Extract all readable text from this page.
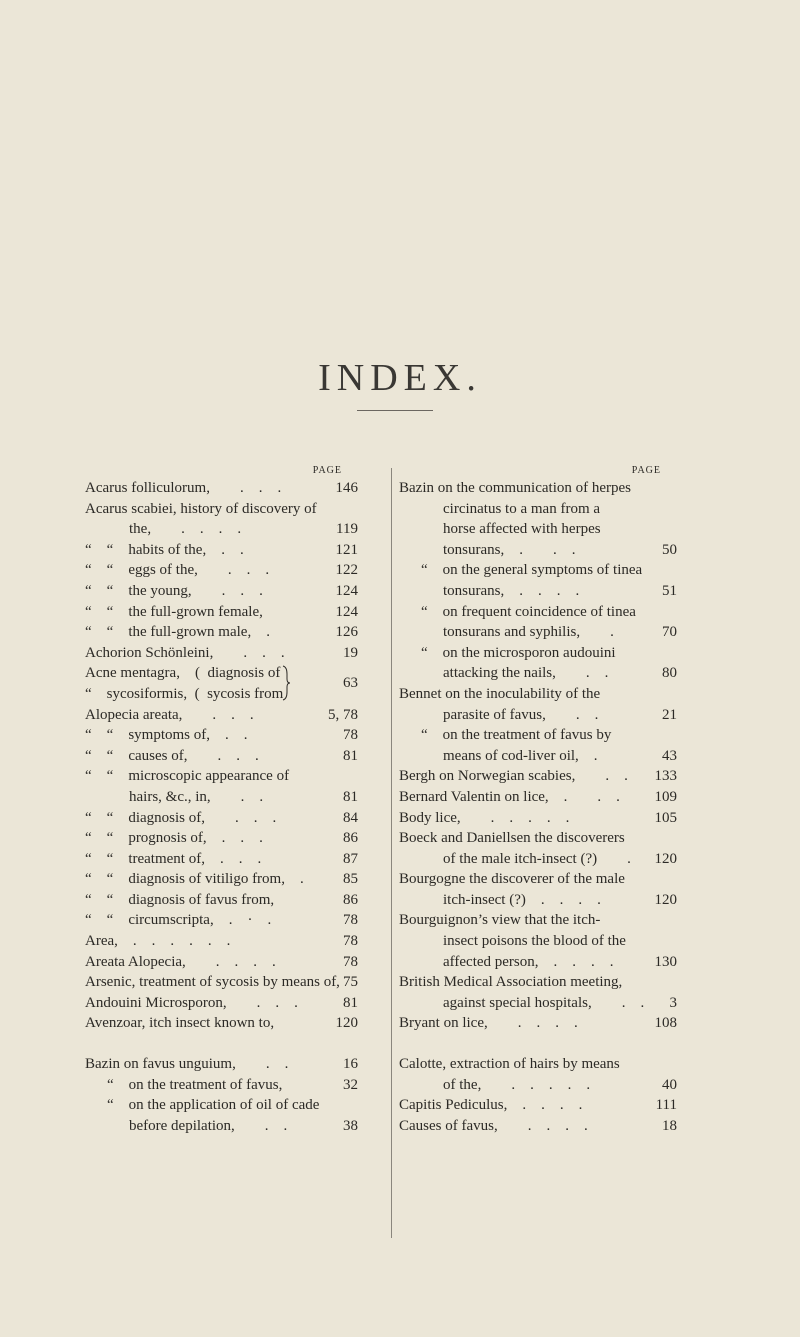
INDEX.
PAGE
Acarus folliculorum,  . . .	146
Acarus scabiei, history of discovery of
the,  . . . .	119
“ “ habits of the, . .	121
“ “ eggs of the,  . . .	122
“ “ the young,  . . .	124
“ “ the full-grown female,	124
“ “ the full-grown male, .	126
Achorion Schönleini,  . . .	19
Acne mentagra, ( diagnosis of
“ sycosiformis, ( sycosis from
63
Alopecia areata,  . . .	5, 78
“ “ symptoms of, . .	78
“ “ causes of,  . . .	81
“ “ microscopic appearance of
hairs, &c., in,  . .	81
“ “ diagnosis of,  . . .	84
“ “ prognosis of, . . .	86
“ “ treatment of, . . .	87
“ “ diagnosis of vitiligo from, .	85
“ “ diagnosis of favus from,	86
“ “ circumscripta, . · .	78
Area, . . . . . .	78
Areata Alopecia,  . . . .	78
Arsenic, treatment of sycosis by means of, 75
Andouini Microsporon,  . . .	81
Avenzoar, itch insect known to,	120
Bazin on favus unguium,  . .	16
“ on the treatment of favus,	32
“ on the application of oil of cade
before depilation,  . .	38
PAGE
Bazin on the communication of herpes
circinatus to a man from a
horse affected with herpes
tonsurans, .  . .	50
“ on the general symptoms of tinea
tonsurans, . . . .	51
“ on frequent coincidence of tinea
tonsurans and syphilis,  .	70
“ on the microsporon audouini
attacking the nails,  . .	80
Bennet on the inoculability of the
parasite of favus,  . .	21
“ on the treatment of favus by
means of cod-liver oil, .	43
Bergh on Norwegian scabies,  . . 133
Bernard Valentin on lice, .  . . 109
Body lice,  . . . . .	105
Boeck and Daniellsen the discoverers
of the male itch-insect (?)  . 120
Bourgogne the discoverer of the male
itch-insect (?) . . . .	120
Bourguignon’s view that the itch-
insect poisons the blood of the
affected person, . . . .	130
British Medical Association meeting,
against special hospitals,  . . 3
Bryant on lice,  . . . .	108
Calotte, extraction of hairs by means
of the,  . . . . .	40
Capitis Pediculus, . . . .	111
Causes of favus,  . . . .	18
